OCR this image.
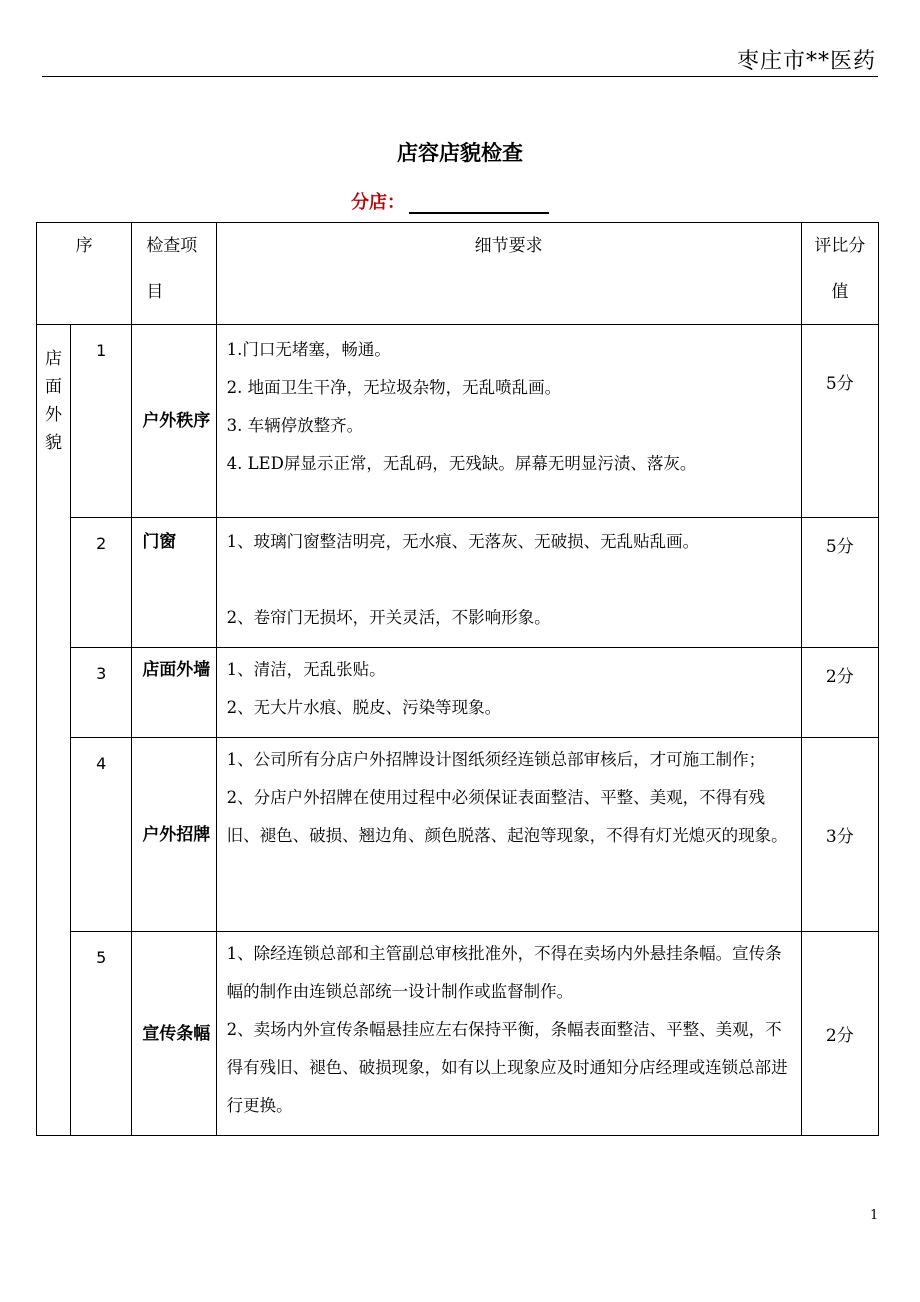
枣庄市**医药
店容店貌检查
分店：
序		检查项目	细节要求	评比分值

店面外貌	1	户外秩序	1.门口无堵塞，畅通。

2. 地面卫生干净，无垃圾杂物，无乱喷乱画。

3. 车辆停放整齐。

4. LED屏显示正常，无乱码，无残缺。屏幕无明显污渍、落灰。	5分
	2	门窗	1、玻璃门窗整洁明亮，无水痕、无落灰、无破损、无乱贴乱画。

2、卷帘门无损坏，开关灵活，不影响形象。	5分
	3	店面外墙	1、清洁，无乱张贴。

2、无大片水痕、脱皮、污染等现象。	2分
	4	户外招牌	1、公司所有分店户外招牌设计图纸须经连锁总部审核后，才可施工制作；

2、分店户外招牌在使用过程中必须保证表面整洁、平整、美观，不得有残旧、褪色、破损、翘边角、颜色脱落、起泡等现象，不得有灯光熄灭的现象。	3分
	5	宣传条幅	1、除经连锁总部和主管副总审核批准外，不得在卖场内外悬挂条幅。宣传条幅的制作由连锁总部统一设计制作或监督制作。

2、卖场内外宣传条幅悬挂应左右保持平衡，条幅表面整洁、平整、美观，不得有残旧、褪色、破损现象，如有以上现象应及时通知分店经理或连锁总部进行更换。	2分
1
